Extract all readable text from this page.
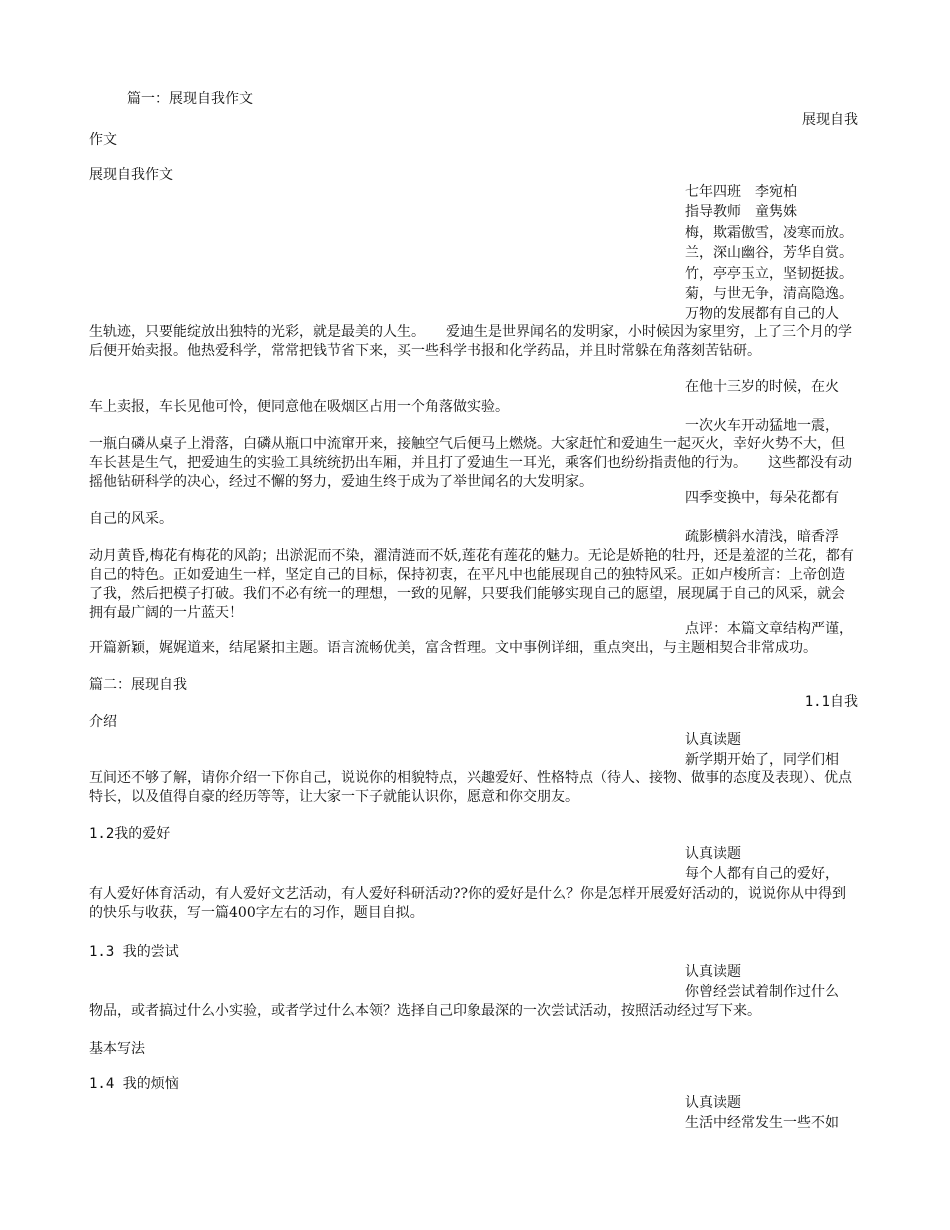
篇一：展现自我作文
展现自我
作文
展现自我作文
七年四班　李宛柏
指导教师　童隽姝
梅，欺霜傲雪，凌寒而放。
兰，深山幽谷，芳华自赏。
竹，亭亭玉立，坚韧挺拔。
菊，与世无争，清高隐逸。
万物的发展都有自己的人
生轨迹，只要能绽放出独特的光彩，就是最美的人生。　　爱迪生是世界闻名的发明家，小时候因为家里穷，上了三个月的学后便开始卖报。他热爱科学，常常把钱节省下来，买一些科学书报和化学药品，并且时常躲在角落刻苦钻研。
在他十三岁的时候，在火
车上卖报，车长见他可怜，便同意他在吸烟区占用一个角落做实验。
一次火车开动猛地一震，
一瓶白磷从桌子上滑落，白磷从瓶口中流窜开来，接触空气后便马上燃烧。大家赶忙和爱迪生一起灭火，幸好火势不大，但车长甚是生气，把爱迪生的实验工具统统扔出车厢，并且打了爱迪生一耳光，乘客们也纷纷指责他的行为。　　这些都没有动摇他钻研科学的决心，经过不懈的努力，爱迪生终于成为了举世闻名的大发明家。
四季变换中，每朵花都有
自己的风采。
疏影横斜水清浅，暗香浮
动月黄昏,梅花有梅花的风韵；出淤泥而不染，濯清涟而不妖,莲花有莲花的魅力。无论是娇艳的牡丹，还是羞涩的兰花，都有自己的特色。正如爱迪生一样，坚定自己的目标，保持初衷，在平凡中也能展现自己的独特风采。正如卢梭所言：上帝创造了我，然后把模子打破。我们不必有统一的理想，一致的见解，只要我们能够实现自己的愿望，展现属于自己的风采，就会拥有最广阔的一片蓝天！
点评：本篇文章结构严谨，
开篇新颖，娓娓道来，结尾紧扣主题。语言流畅优美，富含哲理。文中事例详细，重点突出，与主题相契合非常成功。
篇二：展现自我
1.1自我
介绍
认真读题
新学期开始了，同学们相
互间还不够了解，请你介绍一下你自己，说说你的相貌特点，兴趣爱好、性格特点（待人、接物、做事的态度及表现）、优点特长，以及值得自豪的经历等等，让大家一下子就能认识你，愿意和你交朋友。
1.2我的爱好
认真读题
每个人都有自己的爱好，
有人爱好体育活动，有人爱好文艺活动，有人爱好科研活动??你的爱好是什么？你是怎样开展爱好活动的，说说你从中得到的快乐与收获，写一篇400字左右的习作，题目自拟。
1.3 我的尝试
认真读题
你曾经尝试着制作过什么
物品，或者搞过什么小实验，或者学过什么本领？选择自己印象最深的一次尝试活动，按照活动经过写下来。
基本写法
1.4 我的烦恼
认真读题
生活中经常发生一些不如
